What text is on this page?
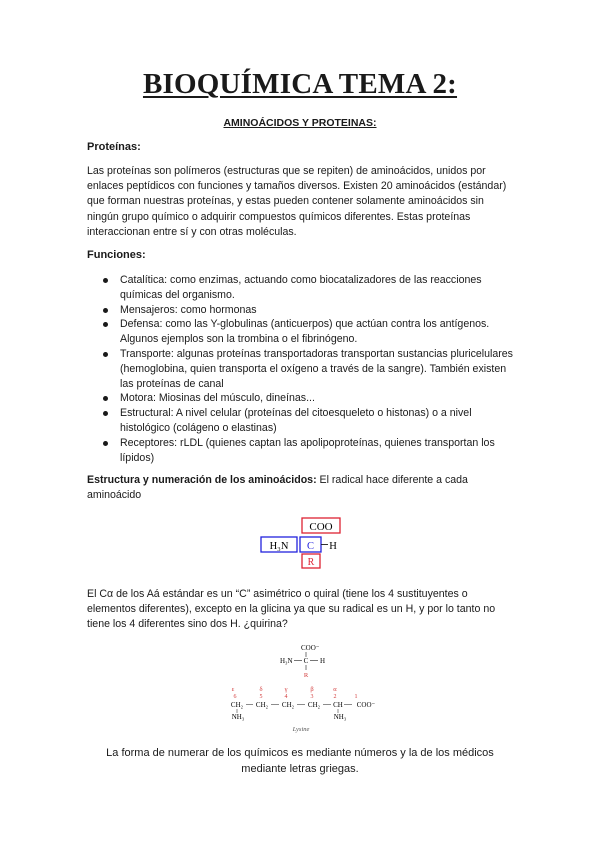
BIOQUÍMICA TEMA 2:

AMINOÁCIDOS Y PROTEINAS:

Proteínas:

Las proteínas son polímeros (estructuras que se repiten) de aminoácidos, unidos por enlaces peptídicos con funciones y tamaños diversos. Existen 20 aminoácidos (estándar) que forman nuestras proteínas, y estas pueden contener solamente aminoácidos sin ningún grupo químico o adquirir compuestos químicos diferentes. Estas proteínas interaccionan entre sí y con otras moléculas.

Funciones:

Catalítica: como enzimas, actuando como biocatalizadores de las reacciones químicas del organismo.
Mensajeros: como hormonas
Defensa: como las Y-globulinas (anticuerpos) que actúan contra los antígenos. Algunos ejemplos son la trombina o el fibrinógeno.
Transporte: algunas proteínas transportadoras transportan sustancias pluricelulares (hemoglobina, quien transporta el oxígeno a través de la sangre). También existen las proteínas de canal
Motora: Miosinas del músculo, dineínas...
Estructural: A nivel celular (proteínas del citoesqueleto o histonas) o a nivel histológico (colágeno o elastinas)
Receptores: rLDL (quienes captan las apolipoproteínas, quienes transportan los lípidos)

Estructura y numeración de los aminoácidos: El radical hace diferente a cada aminoácido

COO
H₃N C H
R

El Cα de los Aá estándar es un “C” asimétrico o quiral (tiene los 4 sustituyentes o elementos diferentes), excepto en la glicina ya que su radical es un H, y por lo tanto no tiene los 4 diferentes sino dos H. ¿quirina?

COO⁻
H₃N C H
R
ε	δ	γ	β	α
6	5	4	3	2	1
CH₂ CH₂ CH₂ CH₂ CH COO⁻
NH₃	NH₃
Lysine

La forma de numerar de los químicos es mediante números y la de los médicos mediante letras griegas.
